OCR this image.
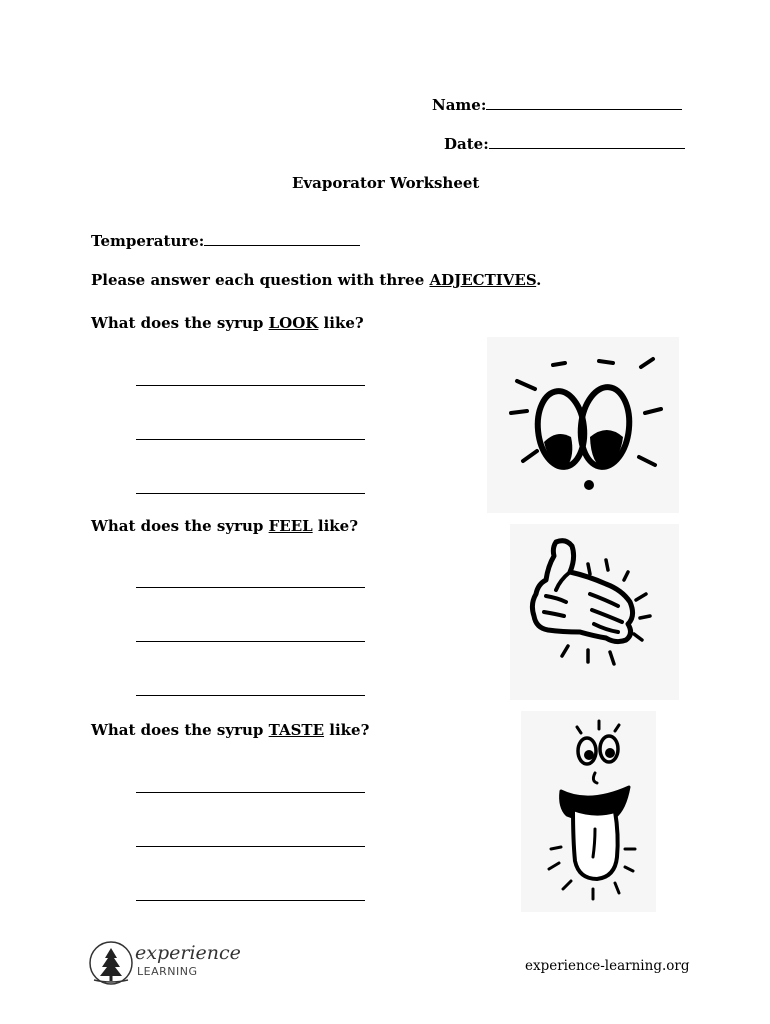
Name:
Date:
Evaporator Worksheet
Temperature:
Please answer each question with three ADJECTIVES.
What does the syrup LOOK like?
What does the syrup FEEL like?
What does the syrup TASTE like?
experience
LEARNING	experience-learning.org
